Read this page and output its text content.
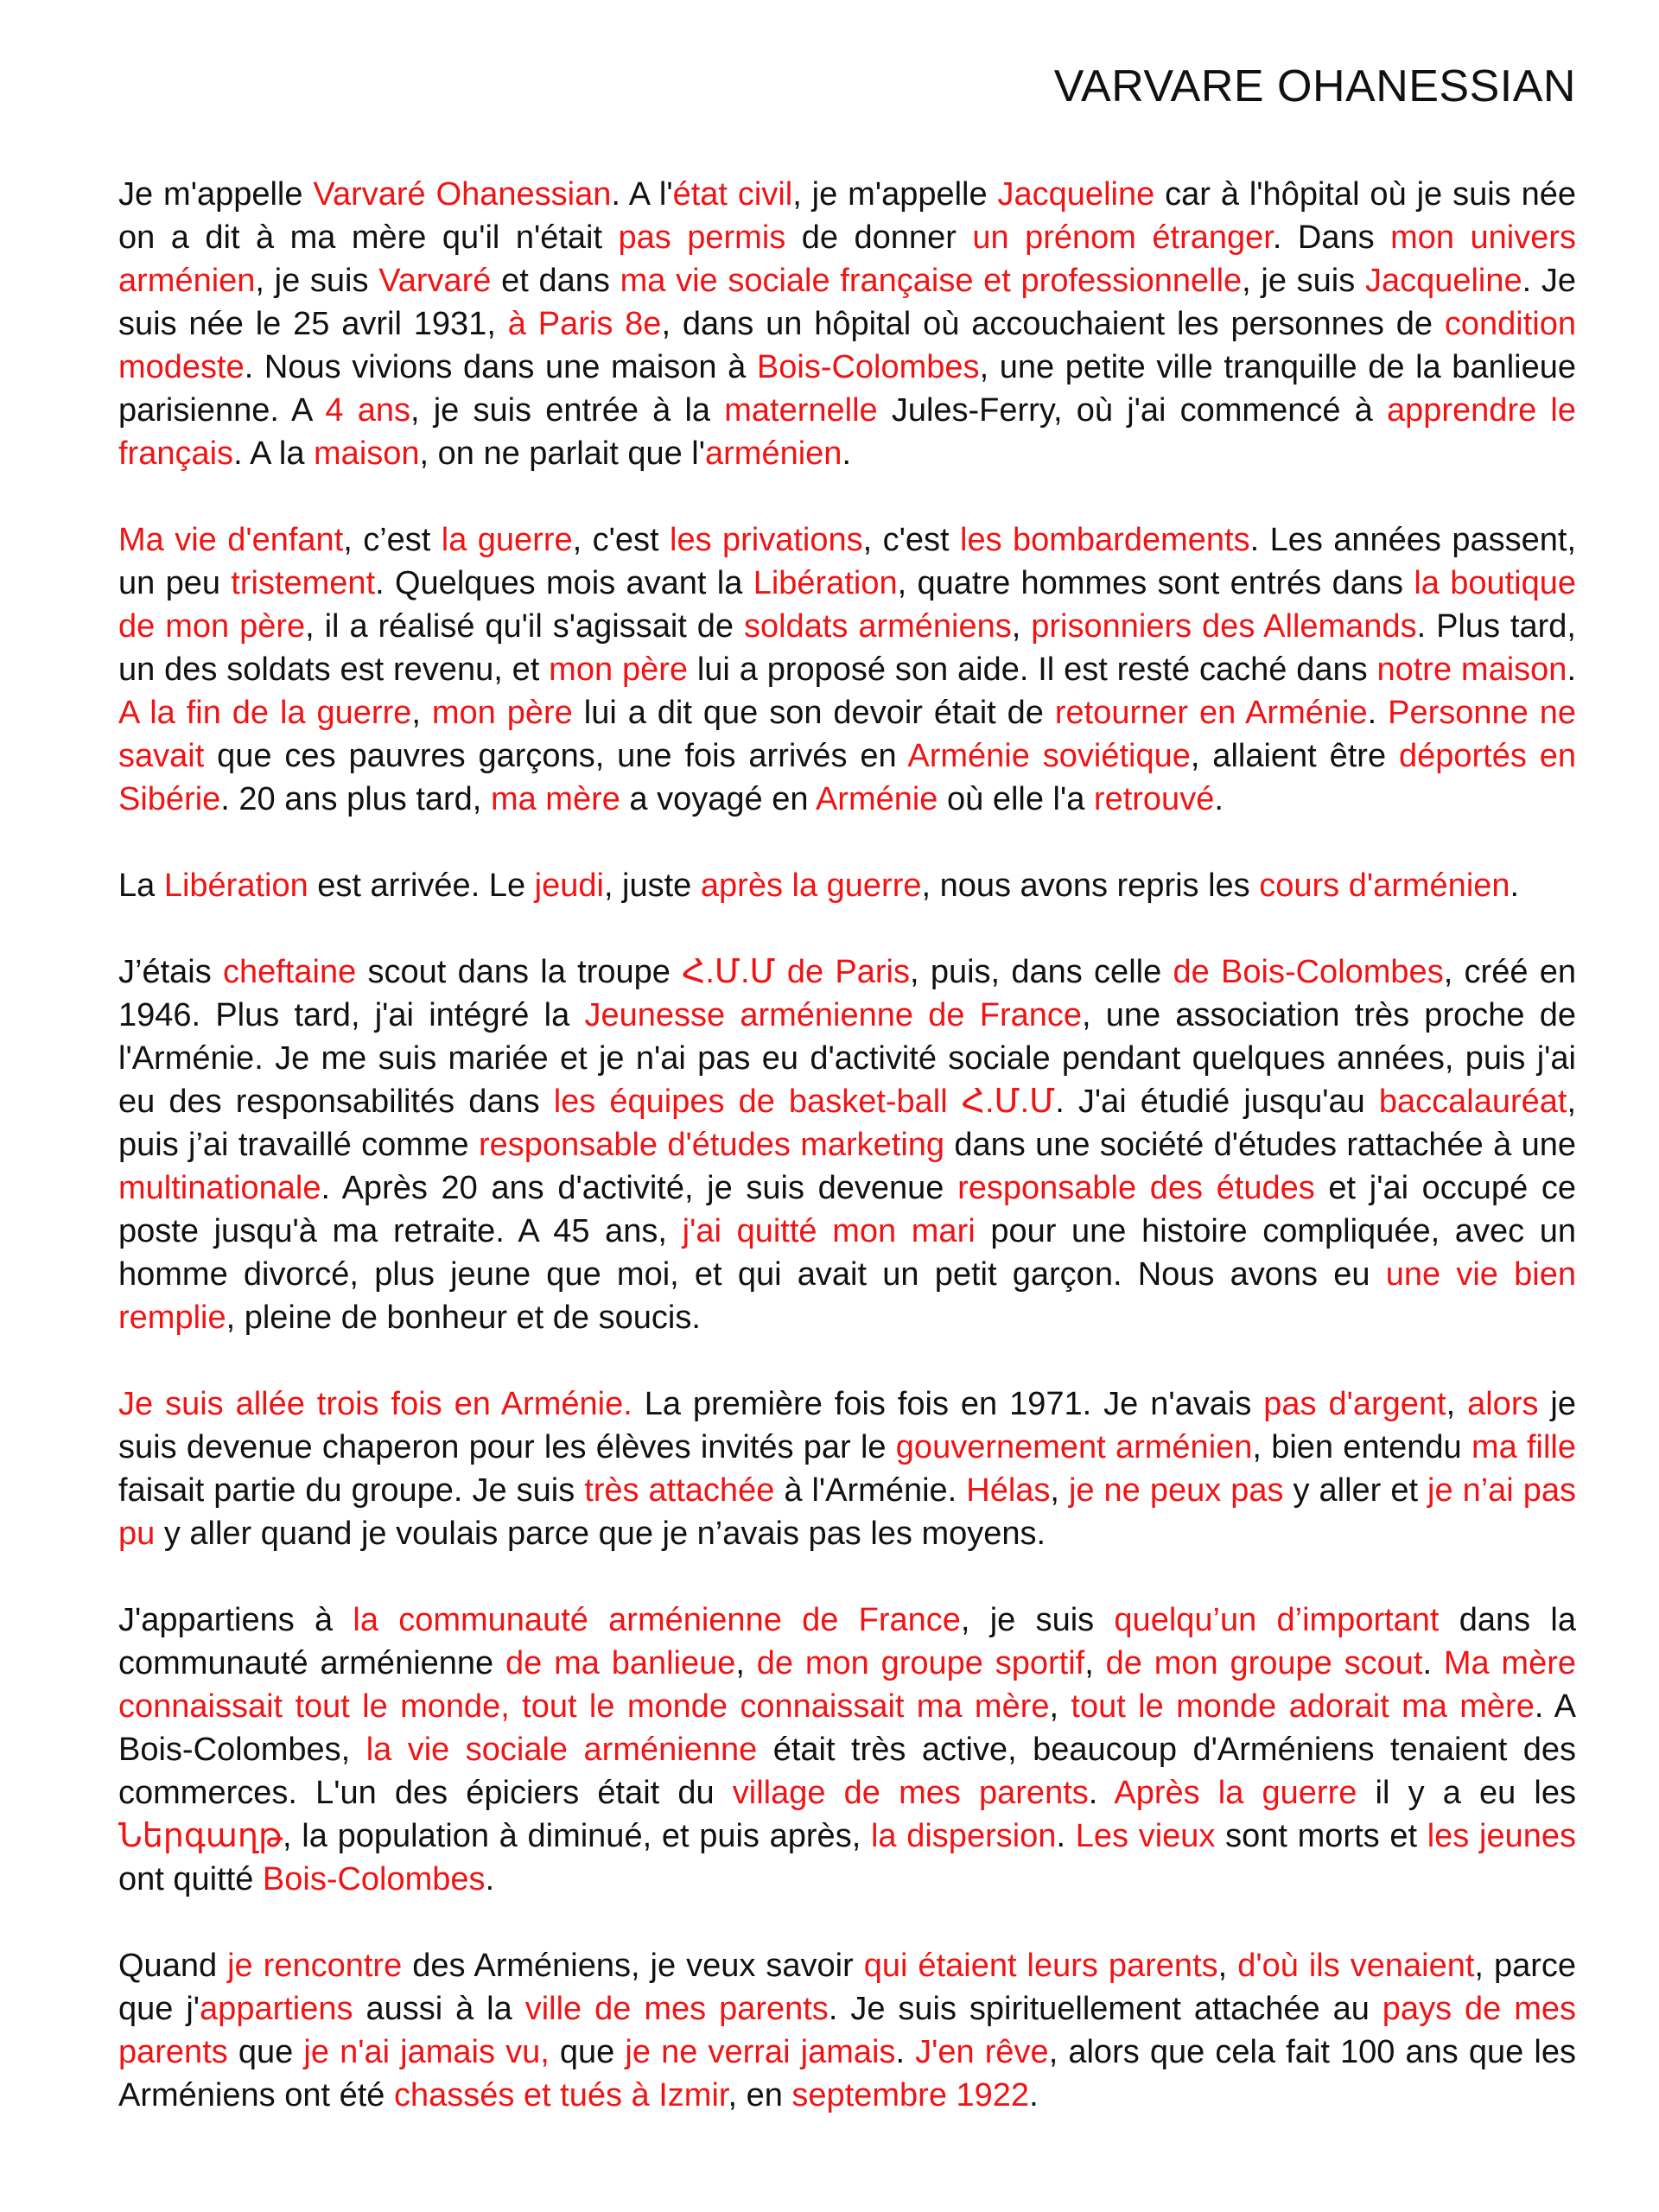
VARVARE OHANESSIAN

Je m'appelle Varvaré Ohanessian. A l'état civil, je m'appelle Jacqueline car à l'hôpital où je suis née on a dit à ma mère qu'il n'était pas permis de donner un prénom étranger. Dans mon univers arménien, je suis Varvaré et dans ma vie sociale française et professionnelle, je suis Jacqueline. Je suis née le 25 avril 1931, à Paris 8e, dans un hôpital où accouchaient les personnes de condition modeste. Nous vivions dans une maison à Bois-Colombes, une petite ville tranquille de la banlieue parisienne. A 4 ans, je suis entrée à la maternelle Jules-Ferry, où j'ai commencé à apprendre le français. A la maison, on ne parlait que l'arménien.

Ma vie d'enfant, c’est la guerre, c'est les privations, c'est les bombardements. Les années passent, un peu tristement. Quelques mois avant la Libération, quatre hommes sont entrés dans la boutique de mon père, il a réalisé qu'il s'agissait de soldats arméniens, prisonniers des Allemands. Plus tard, un des soldats est revenu, et mon père lui a proposé son aide. Il est resté caché dans notre maison. A la fin de la guerre, mon père lui a dit que son devoir était de retourner en Arménie. Personne ne savait que ces pauvres garçons, une fois arrivés en Arménie soviétique, allaient être déportés en Sibérie. 20 ans plus tard, ma mère a voyagé en Arménie où elle l'a retrouvé.

La Libération est arrivée. Le jeudi, juste après la guerre, nous avons repris les cours d'arménien.

J’étais cheftaine scout dans la troupe Հ.Մ.Մ de Paris, puis, dans celle de Bois-Colombes, créé en 1946. Plus tard, j'ai intégré la Jeunesse arménienne de France, une association très proche de l'Arménie. Je me suis mariée et je n'ai pas eu d'activité sociale pendant quelques années, puis j'ai eu des responsabilités dans les équipes de basket-ball Հ.Մ.Մ. J'ai étudié jusqu'au baccalauréat, puis j’ai travaillé comme responsable d'études marketing dans une société d'études rattachée à une multinationale. Après 20 ans d'activité, je suis devenue responsable des études et j'ai occupé ce poste jusqu'à ma retraite. A 45 ans, j'ai quitté mon mari pour une histoire compliquée, avec un homme divorcé, plus jeune que moi, et qui avait un petit garçon. Nous avons eu une vie bien remplie, pleine de bonheur et de soucis.

Je suis allée trois fois en Arménie. La première fois fois en 1971. Je n'avais pas d'argent, alors je suis devenue chaperon pour les élèves invités par le gouvernement arménien, bien entendu ma fille faisait partie du groupe. Je suis très attachée à l'Arménie. Hélas, je ne peux pas y aller et je n’ai pas pu y aller quand je voulais parce que je n’avais pas les moyens.

J'appartiens à la communauté arménienne de France, je suis quelqu’un d’important dans la communauté arménienne de ma banlieue, de mon groupe sportif, de mon groupe scout. Ma mère connaissait tout le monde, tout le monde connaissait ma mère, tout le monde adorait ma mère. A Bois-Colombes, la vie sociale arménienne était très active, beaucoup d'Arméniens tenaient des commerces. L'un des épiciers était du village de mes parents. Après la guerre il y a eu les Ներգաղթ, la population à diminué, et puis après, la dispersion. Les vieux sont morts et les jeunes ont quitté Bois-Colombes.

Quand je rencontre des Arméniens, je veux savoir qui étaient leurs parents, d'où ils venaient, parce que j'appartiens aussi à la ville de mes parents. Je suis spirituellement attachée au pays de mes parents que je n'ai jamais vu, que je ne verrai jamais. J'en rêve, alors que cela fait 100 ans que les Arméniens ont été chassés et tués à Izmir, en septembre 1922.
